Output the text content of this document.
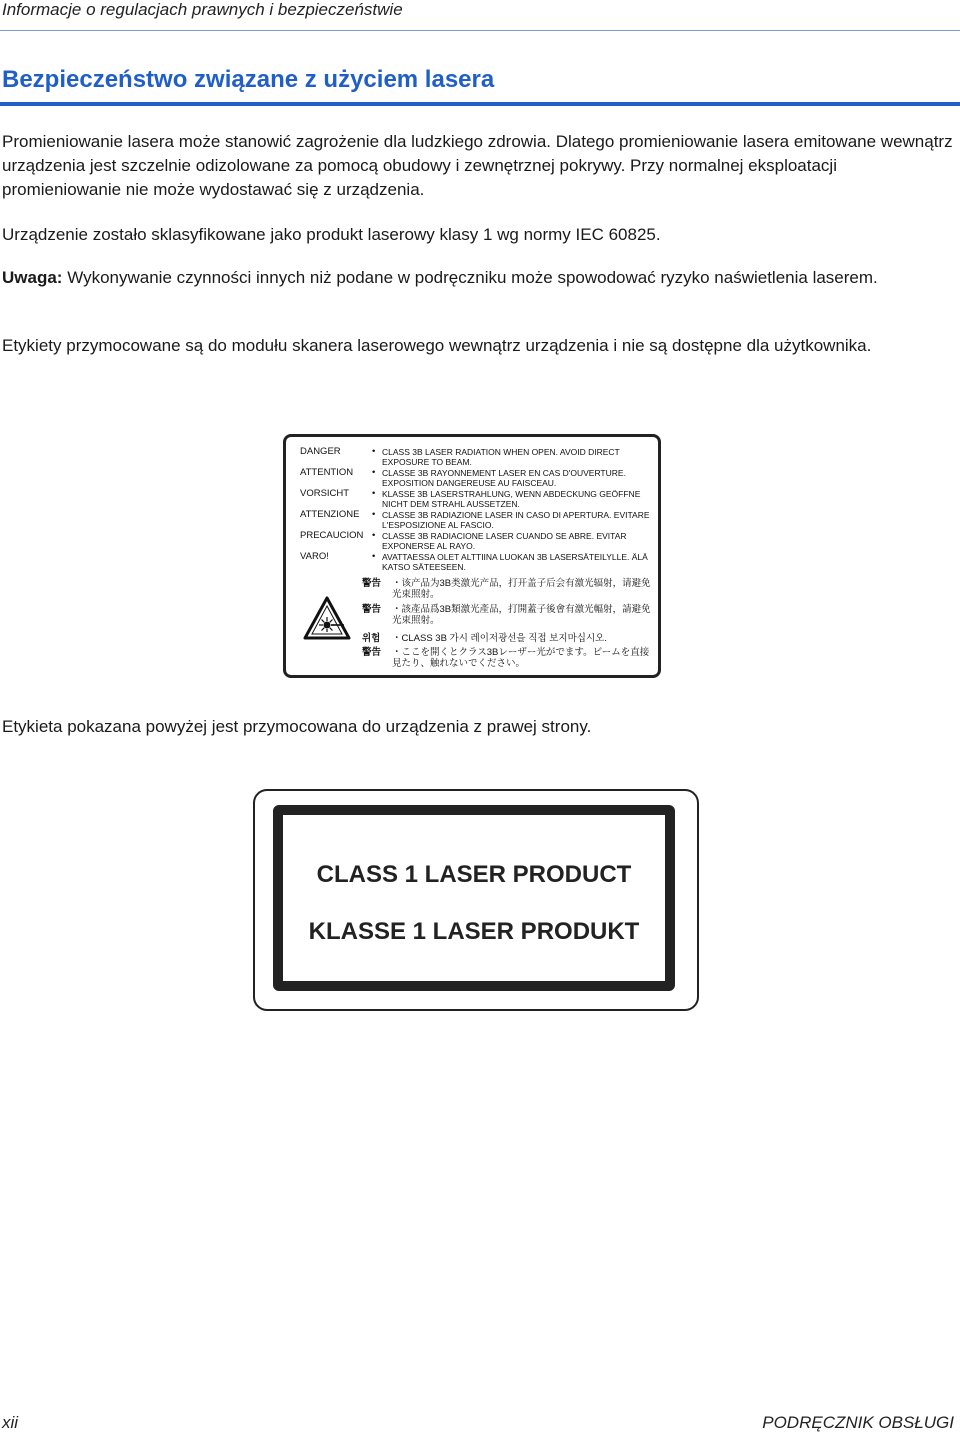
Informacje o regulacjach prawnych i bezpieczeństwie
Bezpieczeństwo związane z użyciem lasera

Promieniowanie lasera może stanowić zagrożenie dla ludzkiego zdrowia. Dlatego promieniowanie lasera emitowane wewnątrz urządzenia jest szczelnie odizolowane za pomocą obudowy i zewnętrznej pokrywy. Przy normalnej eksploatacji promieniowanie nie może wydostawać się z urządzenia.

Urządzenie zostało sklasyfikowane jako produkt laserowy klasy 1 wg normy IEC 60825.

Uwaga: Wykonywanie czynności innych niż podane w podręczniku może spowodować ryzyko naświetlenia laserem.

Etykiety przymocowane są do modułu skanera laserowego wewnątrz urządzenia i nie są dostępne dla użytkownika.

DANGER	• CLASS 3B LASER RADIATION WHEN OPEN. AVOID DIRECT EXPOSURE TO BEAM.
ATTENTION	• CLASSE 3B RAYONNEMENT LASER EN CAS D'OUVERTURE. EXPOSITION DANGEREUSE AU FAISCEAU.
VORSICHT	• KLASSE 3B LASERSTRAHLUNG, WENN ABDECKUNG GEÖFFNE NICHT DEM STRAHL AUSSETZEN.
ATTENZIONE	• CLASSE 3B RADIAZIONE LASER IN CASO DI APERTURA. EVITARE L'ESPOSIZIONE AL FASCIO.
PRECAUCION • CLASSE 3B RADIACIONE LASER CUANDO SE ABRE. EVITAR EXPONERSE AL RAYO.
VARO!	• AVATTAESSA OLET ALTTIINA LUOKAN 3B LASERSÄTEILYLLE. ÄLÄ KATSO SÄTEESEEN.
警告 ・该产品为3B类激光产品，打开盖子后会有激光辐射，请避免光束照射。
警告 ・該產品爲3B類激光產品，打開蓋子後會有激光輻射，請避免光束照射。
위험 ・CLASS 3B 가시 레이저광선을 직접 보지마십시오.
警告 ・ここを開くとクラス3Bレーザー光がでます。ビームを直接見たり、触れないでください。

Etykieta pokazana powyżej jest przymocowana do urządzenia z prawej strony.

CLASS 1 LASER PRODUCT
KLASSE 1 LASER PRODUKT
xii	PODRĘCZNIK OBSŁUGI
